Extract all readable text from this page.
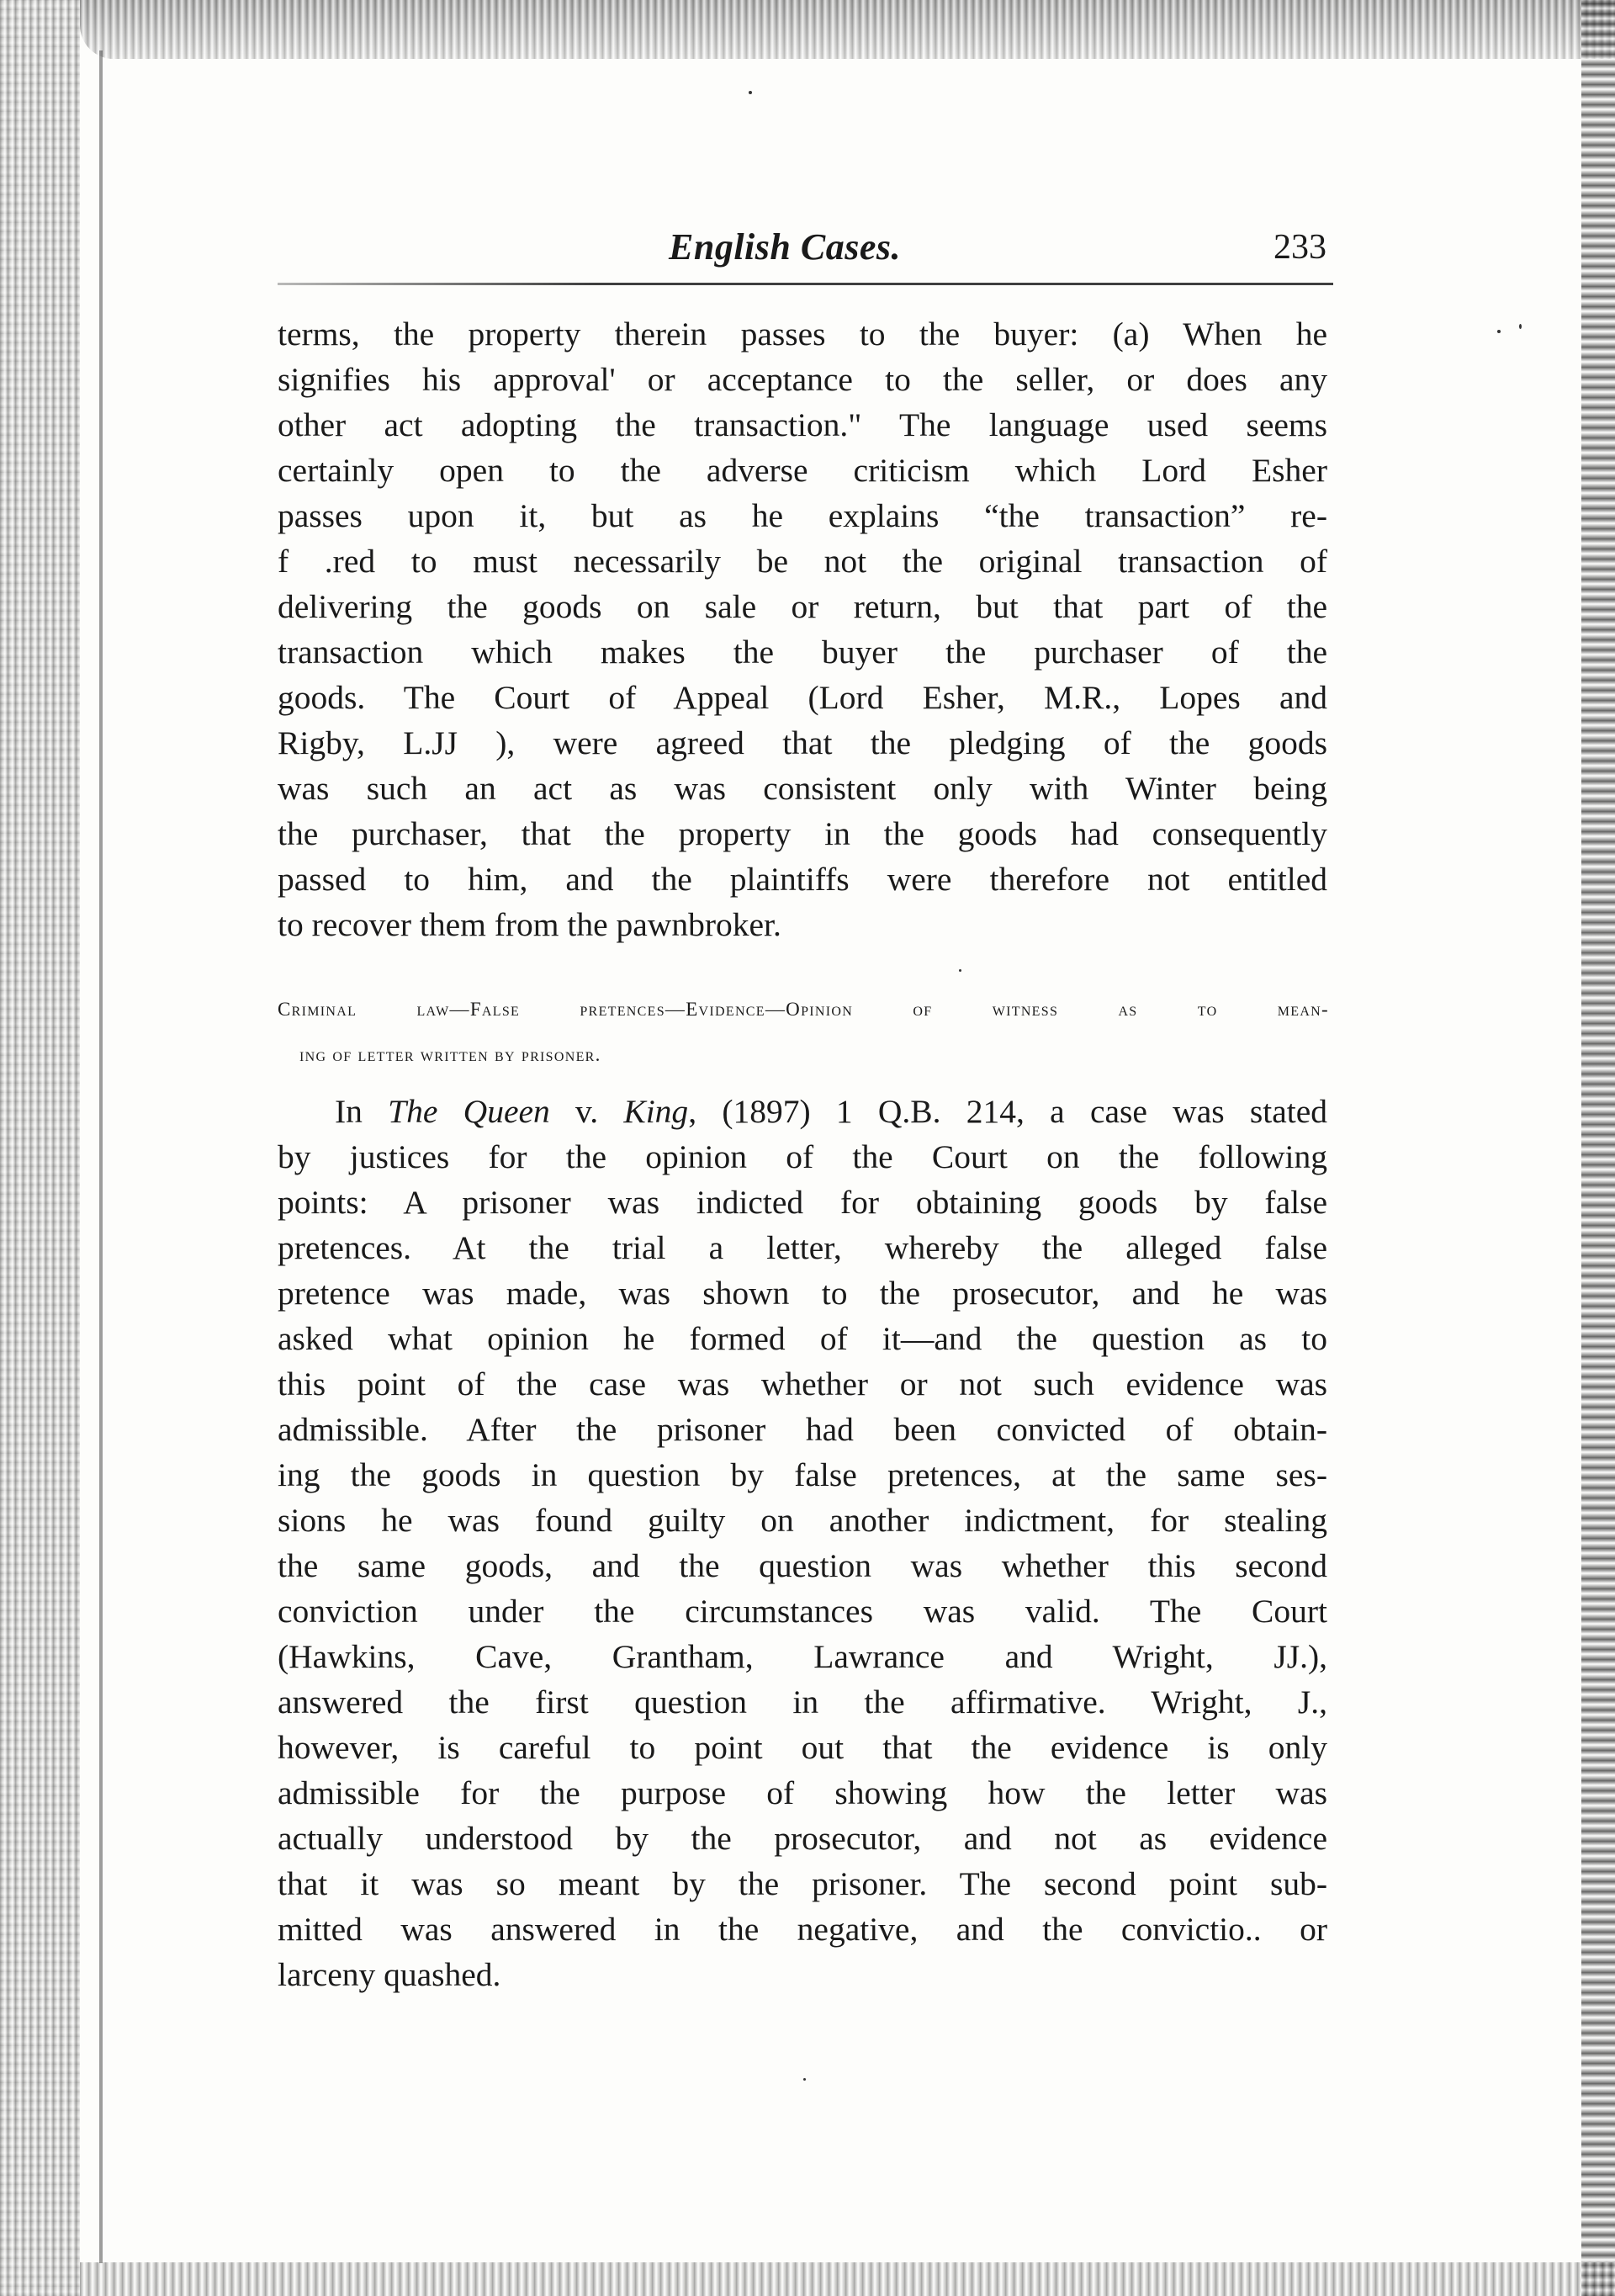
English Cases.	233
terms, the property therein passes to the buyer: (a) When he
signifies his approval' or acceptance to the seller, or does any
other act adopting the transaction." The language used seems
certainly open to the adverse criticism which Lord Esher
passes upon it, but as he explains “the transaction” re-
f .red to must necessarily be not the original transaction of
delivering the goods on sale or return, but that part of the
transaction which makes the buyer the purchaser of the
goods. The Court of Appeal (Lord Esher, M.R., Lopes and
Rigby, L.JJ ), were agreed that the pledging of the goods
was such an act as was consistent only with Winter being
the purchaser, that the property in the goods had consequently
passed to him, and the plaintiffs were therefore not entitled
to recover them from the pawnbroker.
Criminal law—False pretences—Evidence—Opinion of witness as to mean-
ing of letter written by prisoner.
In The Queen v. King, (1897) 1 Q.B. 214, a case was stated
by justices for the opinion of the Court on the following
points: A prisoner was indicted for obtaining goods by false
pretences. At the trial a letter, whereby the alleged false
pretence was made, was shown to the prosecutor, and he was
asked what opinion he formed of it—and the question as to
this point of the case was whether or not such evidence was
admissible. After the prisoner had been convicted of obtain-
ing the goods in question by false pretences, at the same ses-
sions he was found guilty on another indictment, for stealing
the same goods, and the question was whether this second
conviction under the circumstances was valid. The Court
(Hawkins, Cave, Grantham, Lawrance and Wright, JJ.),
answered the first question in the affirmative. Wright, J.,
however, is careful to point out that the evidence is only
admissible for the purpose of showing how the letter was
actually understood by the prosecutor, and not as evidence
that it was so meant by the prisoner. The second point sub-
mitted was answered in the negative, and the convictio.. or
larceny quashed.
